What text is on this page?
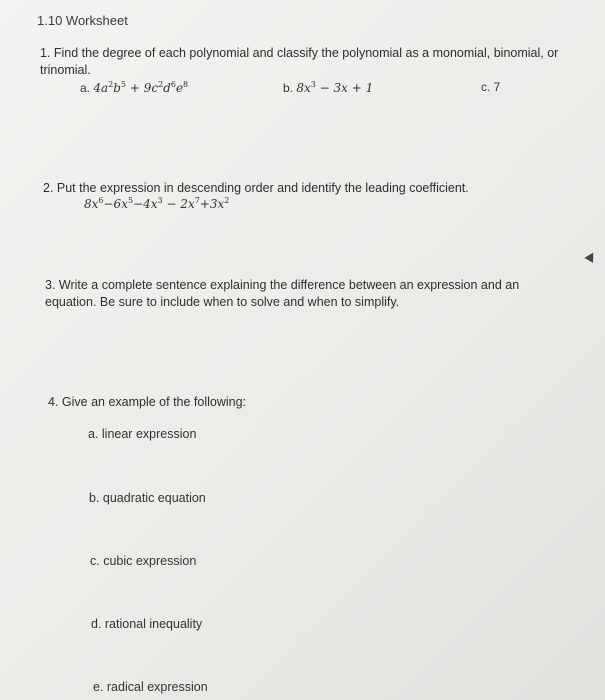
1.10 Worksheet
1. Find the degree of each polynomial and classify the polynomial as a monomial, binomial, or trinomial.
a. $4a^2b^5 + 9c^2d^6e^8$	b. $8x^3 - 3x + 1$	c. 7
2. Put the expression in descending order and identify the leading coefficient.
$8x^6-6x^5-4x^3 - 2x^7+3x^2$
3. Write a complete sentence explaining the difference between an expression and an equation. Be sure to include when to solve and when to simplify.
4. Give an example of the following:
a. linear expression
b. quadratic equation
c. cubic expression
d. rational inequality
e. radical expression
